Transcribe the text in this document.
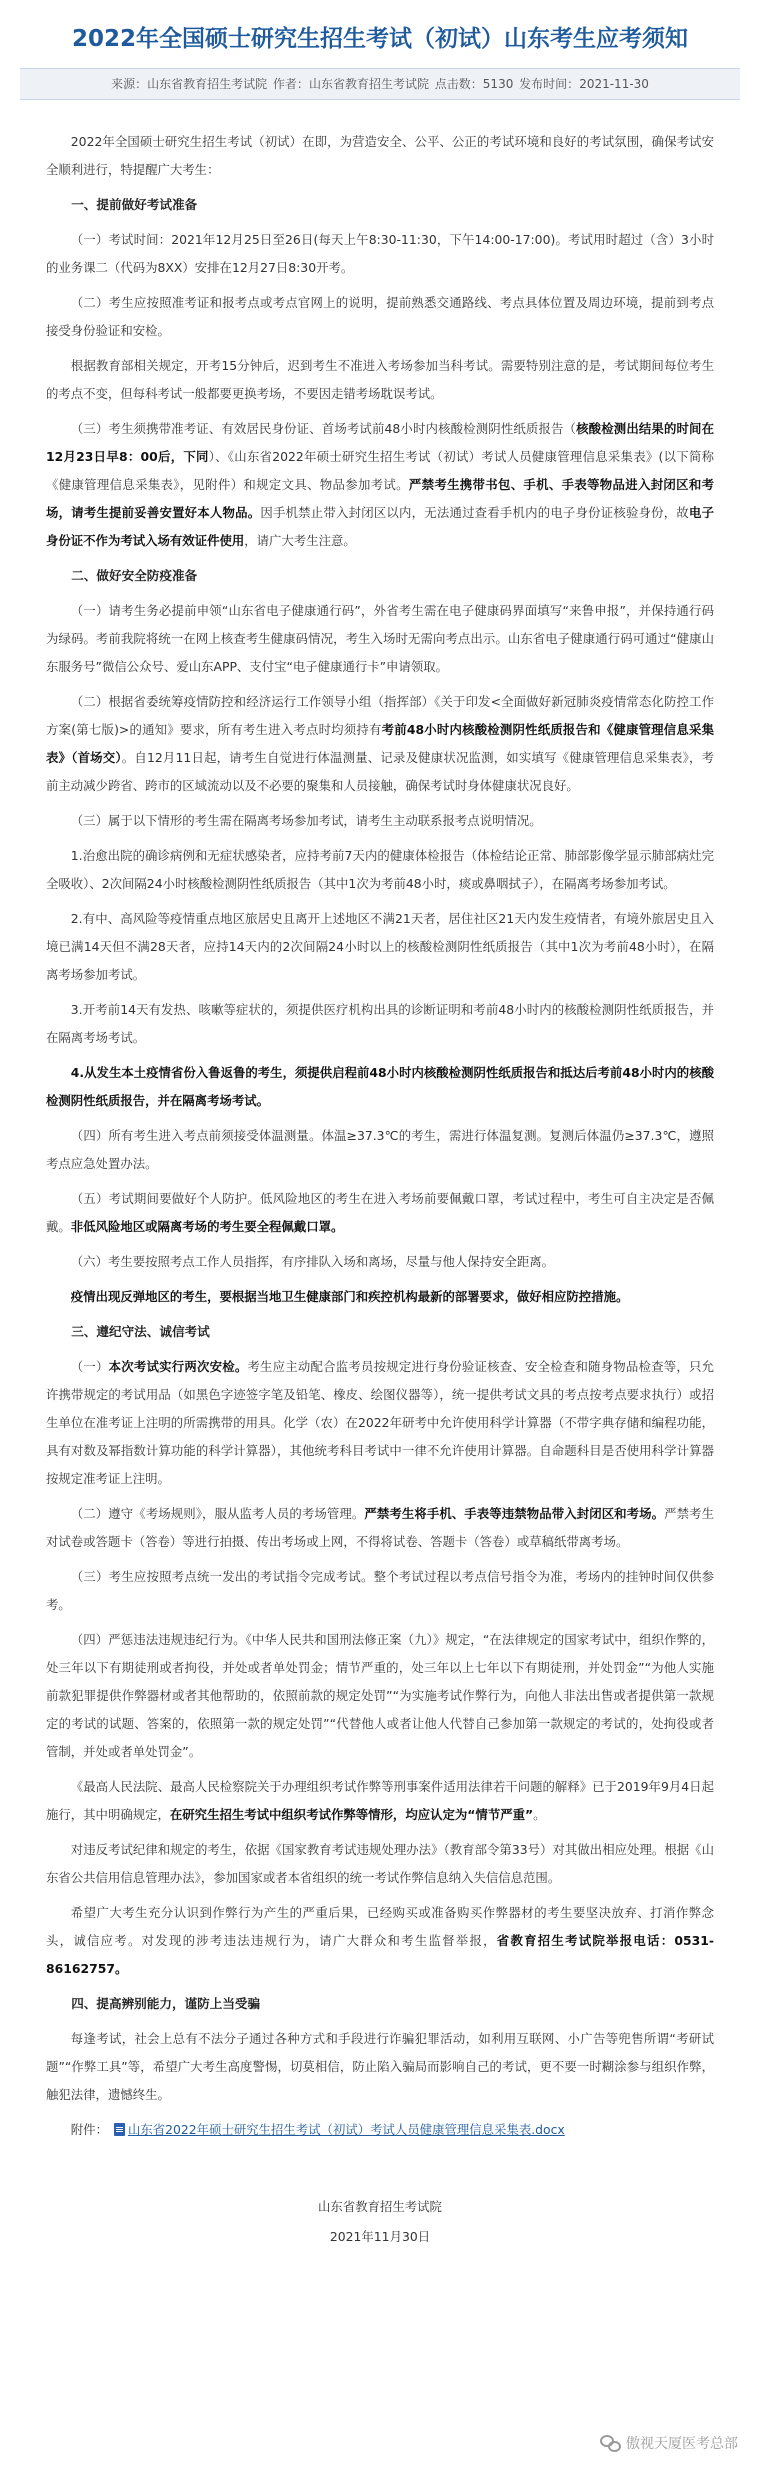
2022年全国硕士研究生招生考试（初试）山东考生应考须知
来源：山东省教育招生考试院 作者：山东省教育招生考试院 点击数：5130 发布时间：2021-11-30

2022年全国硕士研究生招生考试（初试）在即，为营造安全、公平、公正的考试环境和良好的考试氛围，确保考试安全顺利进行，特提醒广大考生：

一、提前做好考试准备

（一）考试时间：2021年12月25日至26日(每天上午8:30-11:30，下午14:00-17:00)。考试用时超过（含）3小时的业务课二（代码为8XX）安排在12月27日8:30开考。

（二）考生应按照准考证和报考点或考点官网上的说明，提前熟悉交通路线、考点具体位置及周边环境，提前到考点接受身份验证和安检。

根据教育部相关规定，开考15分钟后，迟到考生不准进入考场参加当科考试。需要特别注意的是，考试期间每位考生的考点不变，但每科考试一般都要更换考场，不要因走错考场耽误考试。

（三）考生须携带准考证、有效居民身份证、首场考试前48小时内核酸检测阴性纸质报告（核酸检测出结果的时间在12月23日早8：00后，下同）、《山东省2022年硕士研究生招生考试（初试）考试人员健康管理信息采集表》(以下简称《健康管理信息采集表》，见附件）和规定文具、物品参加考试。严禁考生携带书包、手机、手表等物品进入封闭区和考场，请考生提前妥善安置好本人物品。因手机禁止带入封闭区以内，无法通过查看手机内的电子身份证核验身份，故电子身份证不作为考试入场有效证件使用，请广大考生注意。

二、做好安全防疫准备

（一）请考生务必提前申领“山东省电子健康通行码”，外省考生需在电子健康码界面填写“来鲁申报”，并保持通行码为绿码。考前我院将统一在网上核查考生健康码情况，考生入场时无需向考点出示。山东省电子健康通行码可通过“健康山东服务号”微信公众号、爱山东APP、支付宝“电子健康通行卡”申请领取。

（二）根据省委统筹疫情防控和经济运行工作领导小组（指挥部）《关于印发<全面做好新冠肺炎疫情常态化防控工作方案(第七版)>的通知》要求，所有考生进入考点时均须持有考前48小时内核酸检测阴性纸质报告和《健康管理信息采集表》（首场交）。自12月11日起，请考生自觉进行体温测量、记录及健康状况监测，如实填写《健康管理信息采集表》，考前主动减少跨省、跨市的区域流动以及不必要的聚集和人员接触，确保考试时身体健康状况良好。

（三）属于以下情形的考生需在隔离考场参加考试，请考生主动联系报考点说明情况。

1.治愈出院的确诊病例和无症状感染者，应持考前7天内的健康体检报告（体检结论正常、肺部影像学显示肺部病灶完全吸收）、2次间隔24小时核酸检测阴性纸质报告（其中1次为考前48小时，痰或鼻咽拭子），在隔离考场参加考试。

2.有中、高风险等疫情重点地区旅居史且离开上述地区不满21天者，居住社区21天内发生疫情者，有境外旅居史且入境已满14天但不满28天者，应持14天内的2次间隔24小时以上的核酸检测阴性纸质报告（其中1次为考前48小时），在隔离考场参加考试。

3.开考前14天有发热、咳嗽等症状的，须提供医疗机构出具的诊断证明和考前48小时内的核酸检测阴性纸质报告，并在隔离考场考试。

4.从发生本土疫情省份入鲁返鲁的考生，须提供启程前48小时内核酸检测阴性纸质报告和抵达后考前48小时内的核酸检测阴性纸质报告，并在隔离考场考试。

（四）所有考生进入考点前须接受体温测量。体温≥37.3℃的考生，需进行体温复测。复测后体温仍≥37.3℃，遵照考点应急处置办法。

（五）考试期间要做好个人防护。低风险地区的考生在进入考场前要佩戴口罩，考试过程中，考生可自主决定是否佩戴。非低风险地区或隔离考场的考生要全程佩戴口罩。

（六）考生要按照考点工作人员指挥，有序排队入场和离场，尽量与他人保持安全距离。

疫情出现反弹地区的考生，要根据当地卫生健康部门和疾控机构最新的部署要求，做好相应防控措施。

三、遵纪守法、诚信考试

（一）本次考试实行两次安检。考生应主动配合监考员按规定进行身份验证核查、安全检查和随身物品检查等，只允许携带规定的考试用品（如黑色字迹签字笔及铅笔、橡皮、绘图仪器等），统一提供考试文具的考点按考点要求执行）或招生单位在准考证上注明的所需携带的用具。化学（农）在2022年研考中允许使用科学计算器（不带字典存储和编程功能，具有对数及幂指数计算功能的科学计算器），其他统考科目考试中一律不允许使用计算器。自命题科目是否使用科学计算器按规定准考证上注明。

（二）遵守《考场规则》，服从监考人员的考场管理。严禁考生将手机、手表等违禁物品带入封闭区和考场。严禁考生对试卷或答题卡（答卷）等进行拍摄、传出考场或上网，不得将试卷、答题卡（答卷）或草稿纸带离考场。

（三）考生应按照考点统一发出的考试指令完成考试。整个考试过程以考点信号指令为准，考场内的挂钟时间仅供参考。

（四）严惩违法违规违纪行为。《中华人民共和国刑法修正案（九）》规定，“在法律规定的国家考试中，组织作弊的，处三年以下有期徒刑或者拘役，并处或者单处罚金；情节严重的，处三年以上七年以下有期徒刑，并处罚金”“为他人实施前款犯罪提供作弊器材或者其他帮助的，依照前款的规定处罚”“为实施考试作弊行为，向他人非法出售或者提供第一款规定的考试的试题、答案的，依照第一款的规定处罚”“代替他人或者让他人代替自己参加第一款规定的考试的，处拘役或者管制，并处或者单处罚金”。

《最高人民法院、最高人民检察院关于办理组织考试作弊等刑事案件适用法律若干问题的解释》已于2019年9月4日起施行，其中明确规定，在研究生招生考试中组织考试作弊等情形，均应认定为“情节严重”。

对违反考试纪律和规定的考生，依据《国家教育考试违规处理办法》（教育部令第33号）对其做出相应处理。根据《山东省公共信用信息管理办法》，参加国家或者本省组织的统一考试作弊信息纳入失信信息范围。

希望广大考生充分认识到作弊行为产生的严重后果，已经购买或准备购买作弊器材的考生要坚决放弃、打消作弊念头，诚信应考。对发现的涉考违法违规行为，请广大群众和考生监督举报，省教育招生考试院举报电话：0531-86162757。

四、提高辨别能力，谨防上当受骗

每逢考试，社会上总有不法分子通过各种方式和手段进行诈骗犯罪活动，如利用互联网、小广告等兜售所谓“考研试题”“作弊工具”等，希望广大考生高度警惕，切莫相信，防止陷入骗局而影响自己的考试，更不要一时糊涂参与组织作弊，触犯法律，遗憾终生。

附件： 山东省2022年硕士研究生招生考试（初试）考试人员健康管理信息采集表.docx

山东省教育招生考试院
2021年11月30日
傲视天厦医考总部
